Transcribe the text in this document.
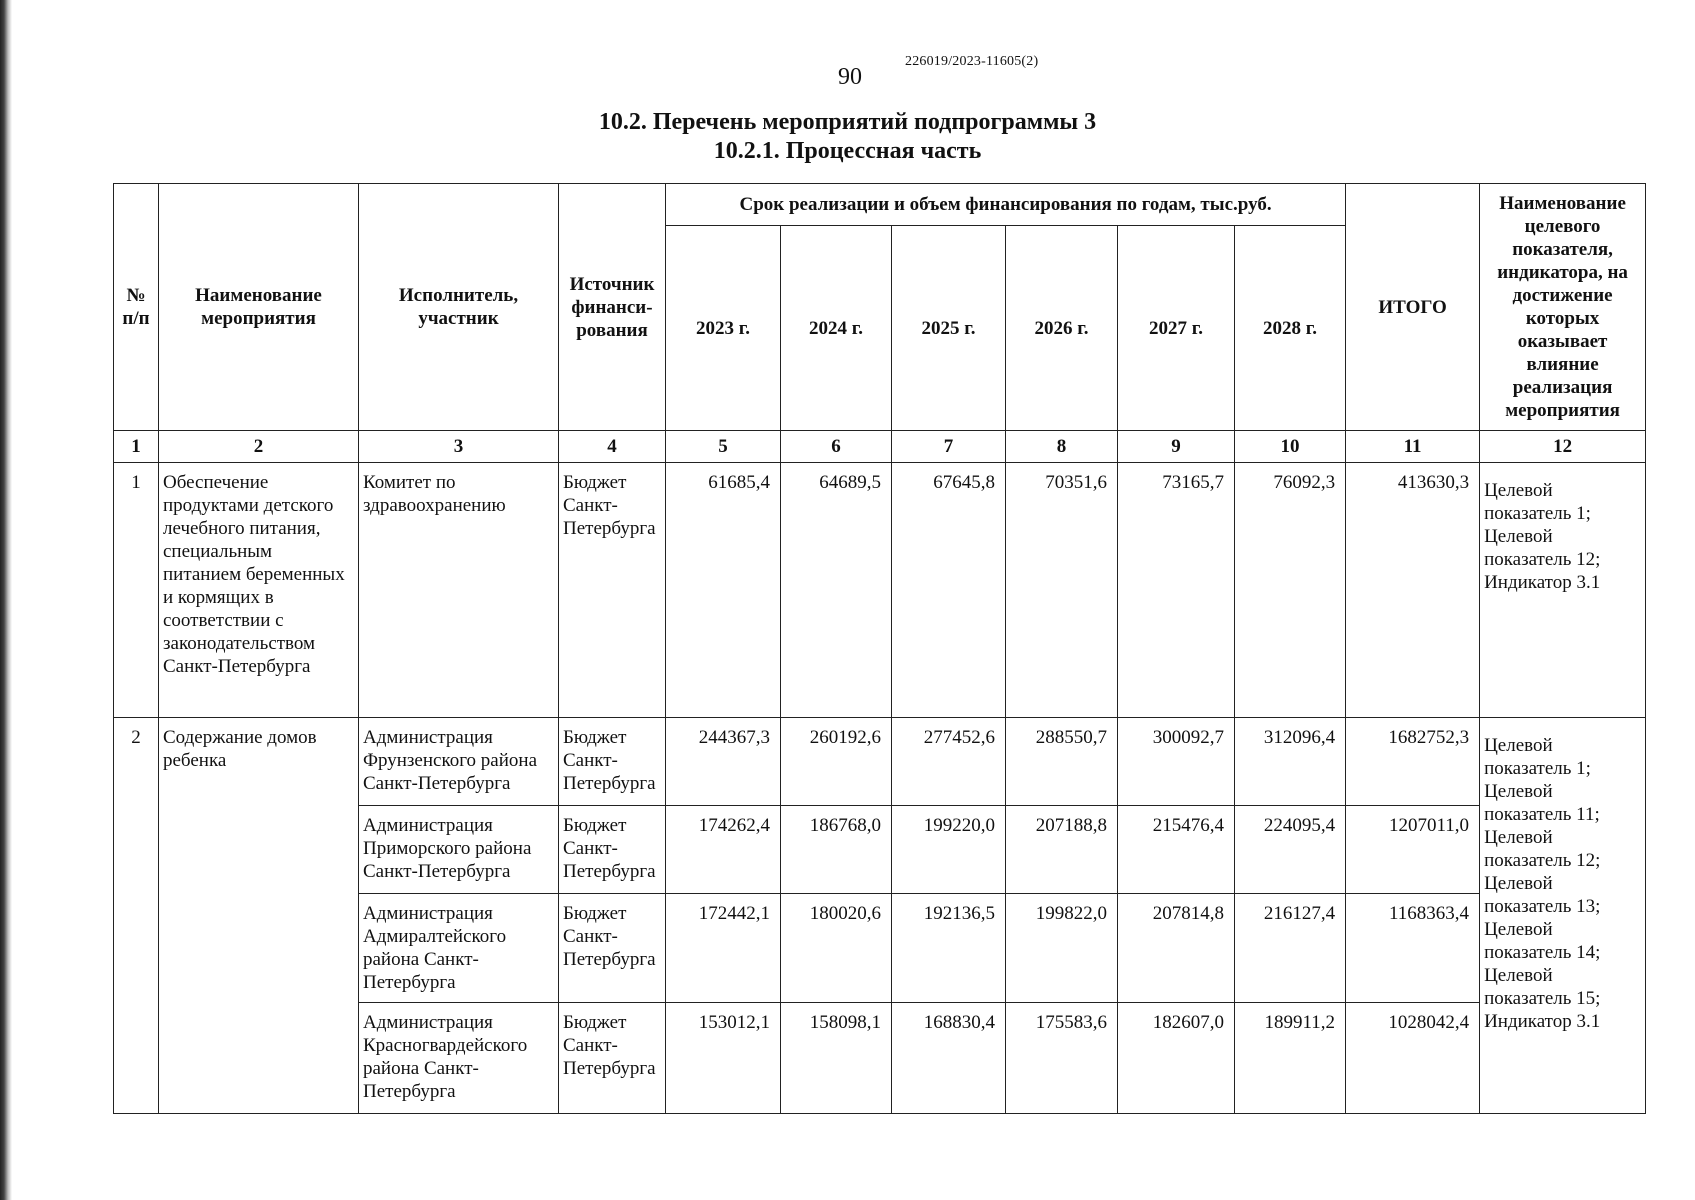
226019/2023-11605(2)
90
10.2. Перечень мероприятий подпрограммы 3
10.2.1. Процессная часть
№ п/п	Наименование мероприятия	Исполнитель, участник	Источник финанси-рования	Срок реализации и объем финансирования по годам, тыс.руб.						ИТОГО	Наименование целевого показателя, индикатора, на достижение которых оказывает влияние реализация мероприятия
				2023 г.	2024 г.	2025 г.	2026 г.	2027 г.	2028 г.		
1	2	3	4	5	6	7	8	9	10	11	12
1	Обеспечение продуктами детского лечебного питания, специальным питанием беременных и кормящих в соответствии с законодательством Санкт-Петербурга	Комитет по здравоохранению	Бюджет Санкт-Петербурга	61685,4	64689,5	67645,8	70351,6	73165,7	76092,3	413630,3	Целевой показатель 1; Целевой показатель 12; Индикатор 3.1
2	Содержание домов ребенка	Администрация Фрунзенского района Санкт-Петербурга	Бюджет Санкт-Петербурга	244367,3	260192,6	277452,6	288550,7	300092,7	312096,4	1682752,3	Целевой показатель 1; Целевой показатель 11; Целевой показатель 12; Целевой показатель 13; Целевой показатель 14; Целевой показатель 15; Индикатор 3.1
		Администрация Приморского района Санкт-Петербурга	Бюджет Санкт-Петербурга	174262,4	186768,0	199220,0	207188,8	215476,4	224095,4	1207011,0	
		Администрация Адмиралтейского района Санкт-Петербурга	Бюджет Санкт-Петербурга	172442,1	180020,6	192136,5	199822,0	207814,8	216127,4	1168363,4	
		Администрация Красногвардейского района Санкт-Петербурга	Бюджет Санкт-Петербурга	153012,1	158098,1	168830,4	175583,6	182607,0	189911,2	1028042,4	
